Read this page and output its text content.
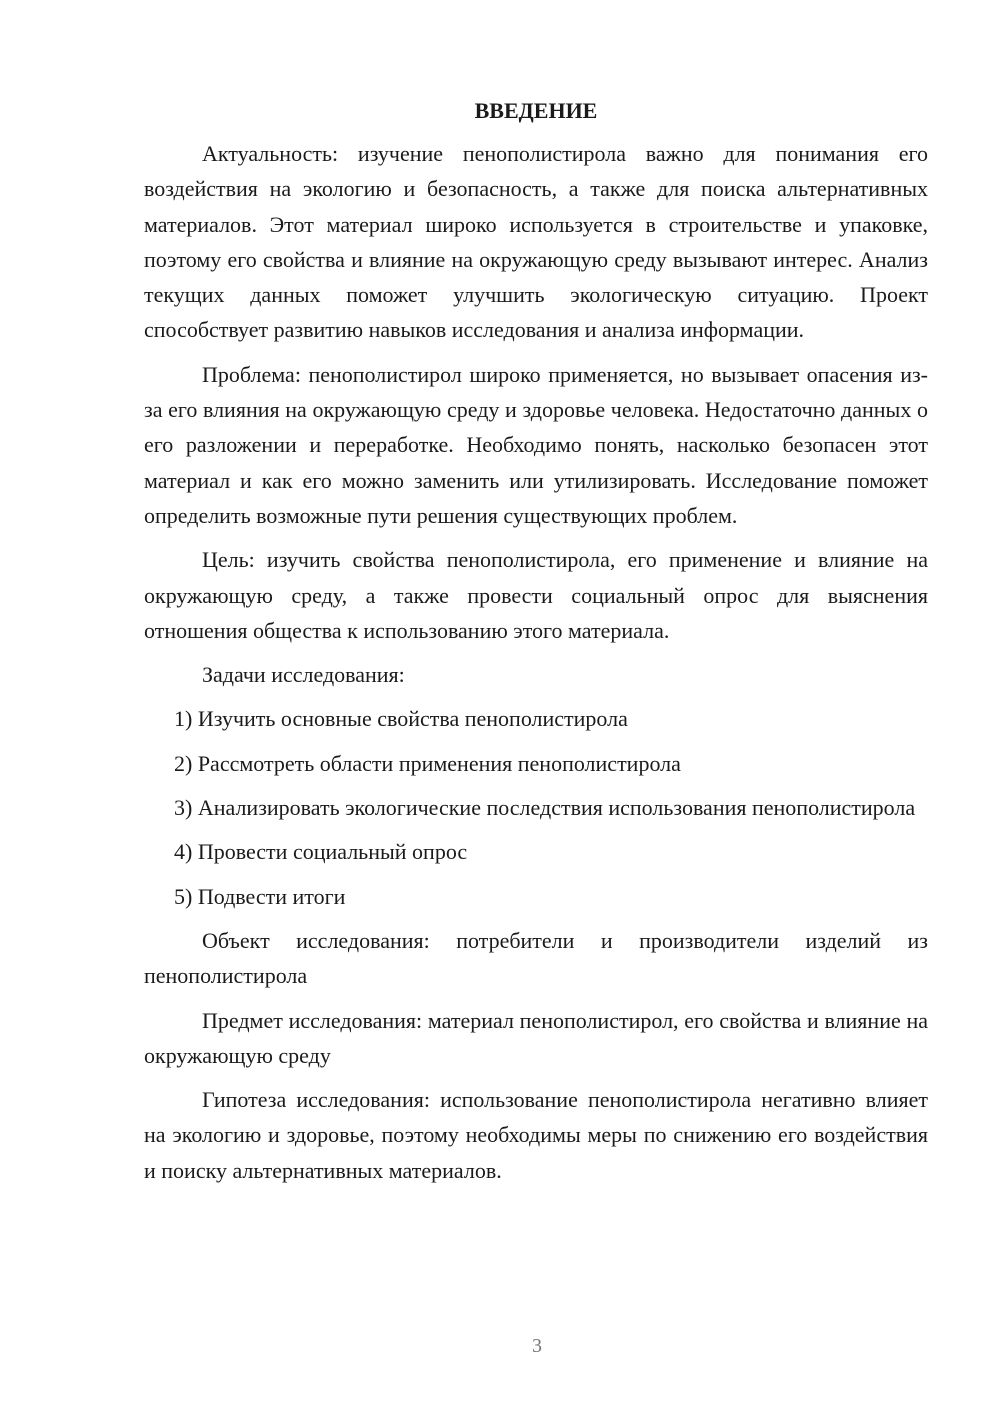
ВВЕДЕНИЕ

Актуальность: изучение пенополистирола важно для понимания его воздействия на экологию и безопасность, а также для поиска альтернативных материалов. Этот материал широко используется в строительстве и упаковке, поэтому его свойства и влияние на окружающую среду вызывают интерес. Анализ текущих данных поможет улучшить экологическую ситуацию. Проект способствует развитию навыков исследования и анализа информации.

Проблема: пенополистирол широко применяется, но вызывает опасения из-за его влияния на окружающую среду и здоровье человека. Недостаточно данных о его разложении и переработке. Необходимо понять, насколько безопасен этот материал и как его можно заменить или утилизировать. Исследование поможет определить возможные пути решения существующих проблем.

Цель: изучить свойства пенополистирола, его применение и влияние на окружающую среду, а также провести социальный опрос для выяснения отношения общества к использованию этого материала.

Задачи исследования:

1) Изучить основные свойства пенополистирола

2) Рассмотреть области применения пенополистирола

3) Анализировать экологические последствия использования пенополистирола

4) Провести социальный опрос

5) Подвести итоги

Объект исследования: потребители и производители изделий из пенополистирола

Предмет исследования: материал пенополистирол, его свойства и влияние на окружающую среду

Гипотеза исследования: использование пенополистирола негативно влияет на экологию и здоровье, поэтому необходимы меры по снижению его воздействия и поиску альтернативных материалов.

3
